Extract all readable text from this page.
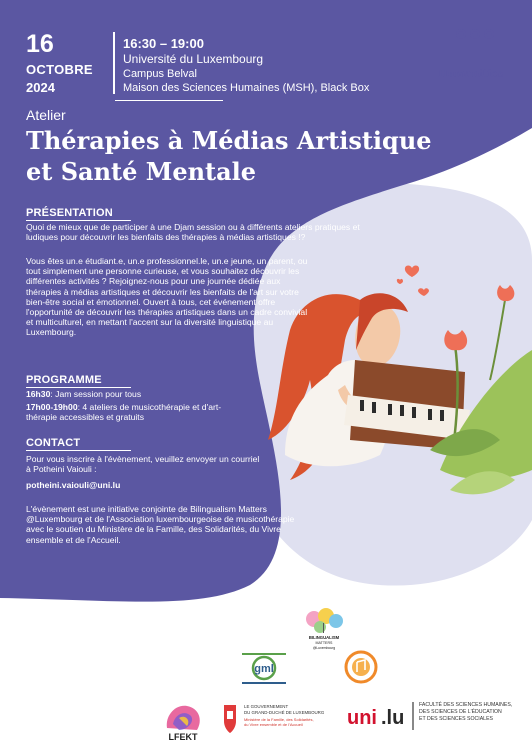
Humanities
16
OCTOBRE
2024
16:30 – 19:00
Université du Luxembourg
Campus Belval
Maison des Sciences Humaines (MSH), Black Box
Atelier
Thérapies à Médias Artistique
et Santé Mentale
PRÉSENTATION
Quoi de mieux que de participer à une Djam session ou à différents ateliers pratiques et ludiques pour découvrir les bienfaits des thérapies à médias artistiques !?
Vous êtes un.e étudiant.e, un.e professionnel.le, un.e jeune, un parent, ou tout simplement une personne curieuse, et vous souhaitez découvrir les différentes activités ? Rejoignez-nous pour une journée dédiée aux thérapies à médias artistiques et découvrir les bienfaits de l'art sur votre bien-être social et émotionnel. Ouvert à tous, cet événement offre l'opportunité de découvrir les thérapies artistiques dans un cadre convivial et multiculturel, en mettant l'accent sur la diversité linguistique au Luxembourg.
PROGRAMME
16h30: Jam session pour tous
17h00-19h00: 4 ateliers de musicothérapie et d'art-thérapie accessibles et gratuits
CONTACT
Pour vous inscrire à l'évènement, veuillez envoyer un courriel à Potheini Vaiouli :
potheini.vaiouli@uni.lu
L'évènement est une initiative conjointe de Bilingualism Matters @Luxembourg et de l'Association luxembourgeoise de musicothérapie avec le soutien du Ministère de la Famille, des Solidarités, du Vivre ensemble et de l'Accueil.
BILINGUALISM
MATTERS
@Luxembourg
gml
LFEKT
LE GOUVERNEMENT
DU GRAND-DUCHÉ DE LUXEMBOURG
Ministère de la Famille, des Solidarités,
du Vivre ensemble et de l'Accueil uni .lu
FACULTÉ DES SCIENCES HUMAINES,
DES SCIENCES DE L'ÉDUCATION
ET DES SCIENCES SOCIALES
